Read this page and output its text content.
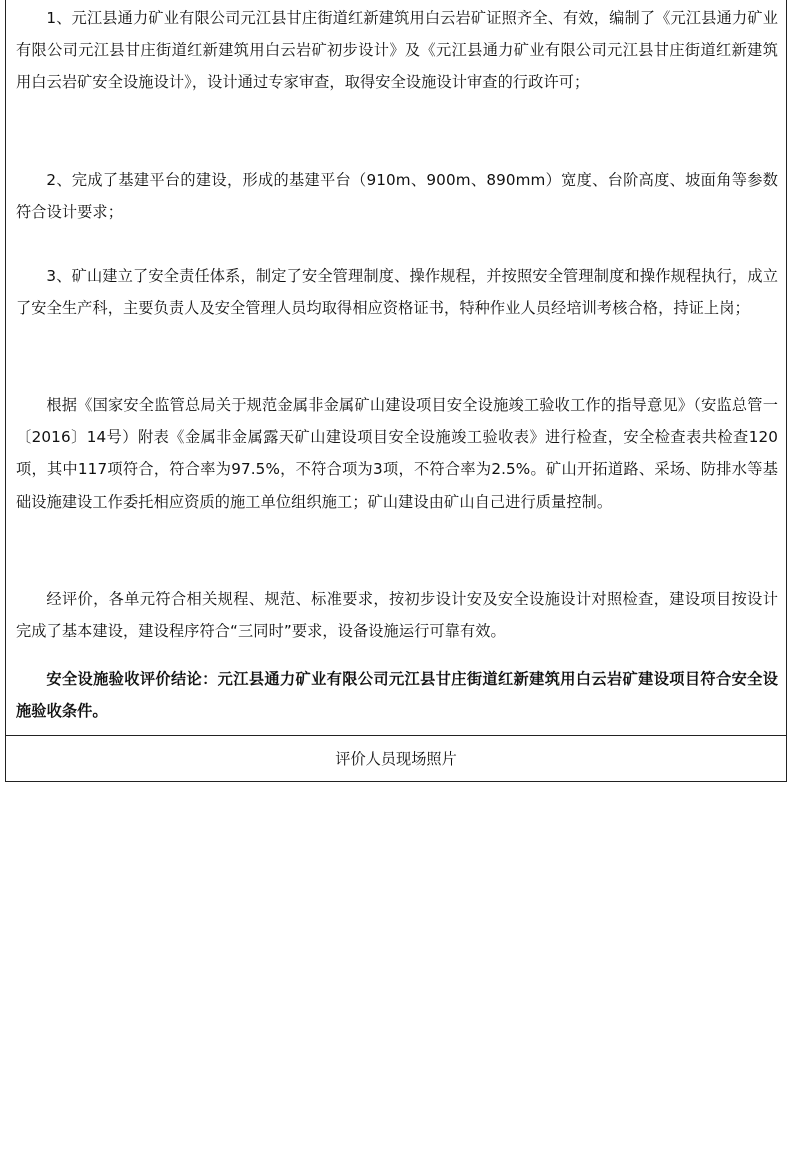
1、元江县通力矿业有限公司元江县甘庄街道红新建筑用白云岩矿证照齐全、有效，编制了《元江县通力矿业有限公司元江县甘庄街道红新建筑用白云岩矿初步设计》及《元江县通力矿业有限公司元江县甘庄街道红新建筑用白云岩矿安全设施设计》，设计通过专家审查，取得安全设施设计审查的行政许可；

2、完成了基建平台的建设，形成的基建平台（910m、900m、890mm）宽度、台阶高度、坡面角等参数符合设计要求；

3、矿山建立了安全责任体系，制定了安全管理制度、操作规程，并按照安全管理制度和操作规程执行，成立了安全生产科，主要负责人及安全管理人员均取得相应资格证书，特种作业人员经培训考核合格，持证上岗；

根据《国家安全监管总局关于规范金属非金属矿山建设项目安全设施竣工验收工作的指导意见》（安监总管一〔2016〕14号）附表《金属非金属露天矿山建设项目安全设施竣工验收表》进行检查，安全检查表共检查120项，其中117项符合，符合率为97.5%，不符合项为3项，不符合率为2.5%。矿山开拓道路、采场、防排水等基础设施建设工作委托相应资质的施工单位组织施工；矿山建设由矿山自己进行质量控制。

经评价，各单元符合相关规程、规范、标准要求，按初步设计安及安全设施设计对照检查，建设项目按设计完成了基本建设，建设程序符合“三同时”要求，设备设施运行可靠有效。

安全设施验收评价结论：元江县通力矿业有限公司元江县甘庄街道红新建筑用白云岩矿建设项目符合安全设施验收条件。

评价人员现场照片
